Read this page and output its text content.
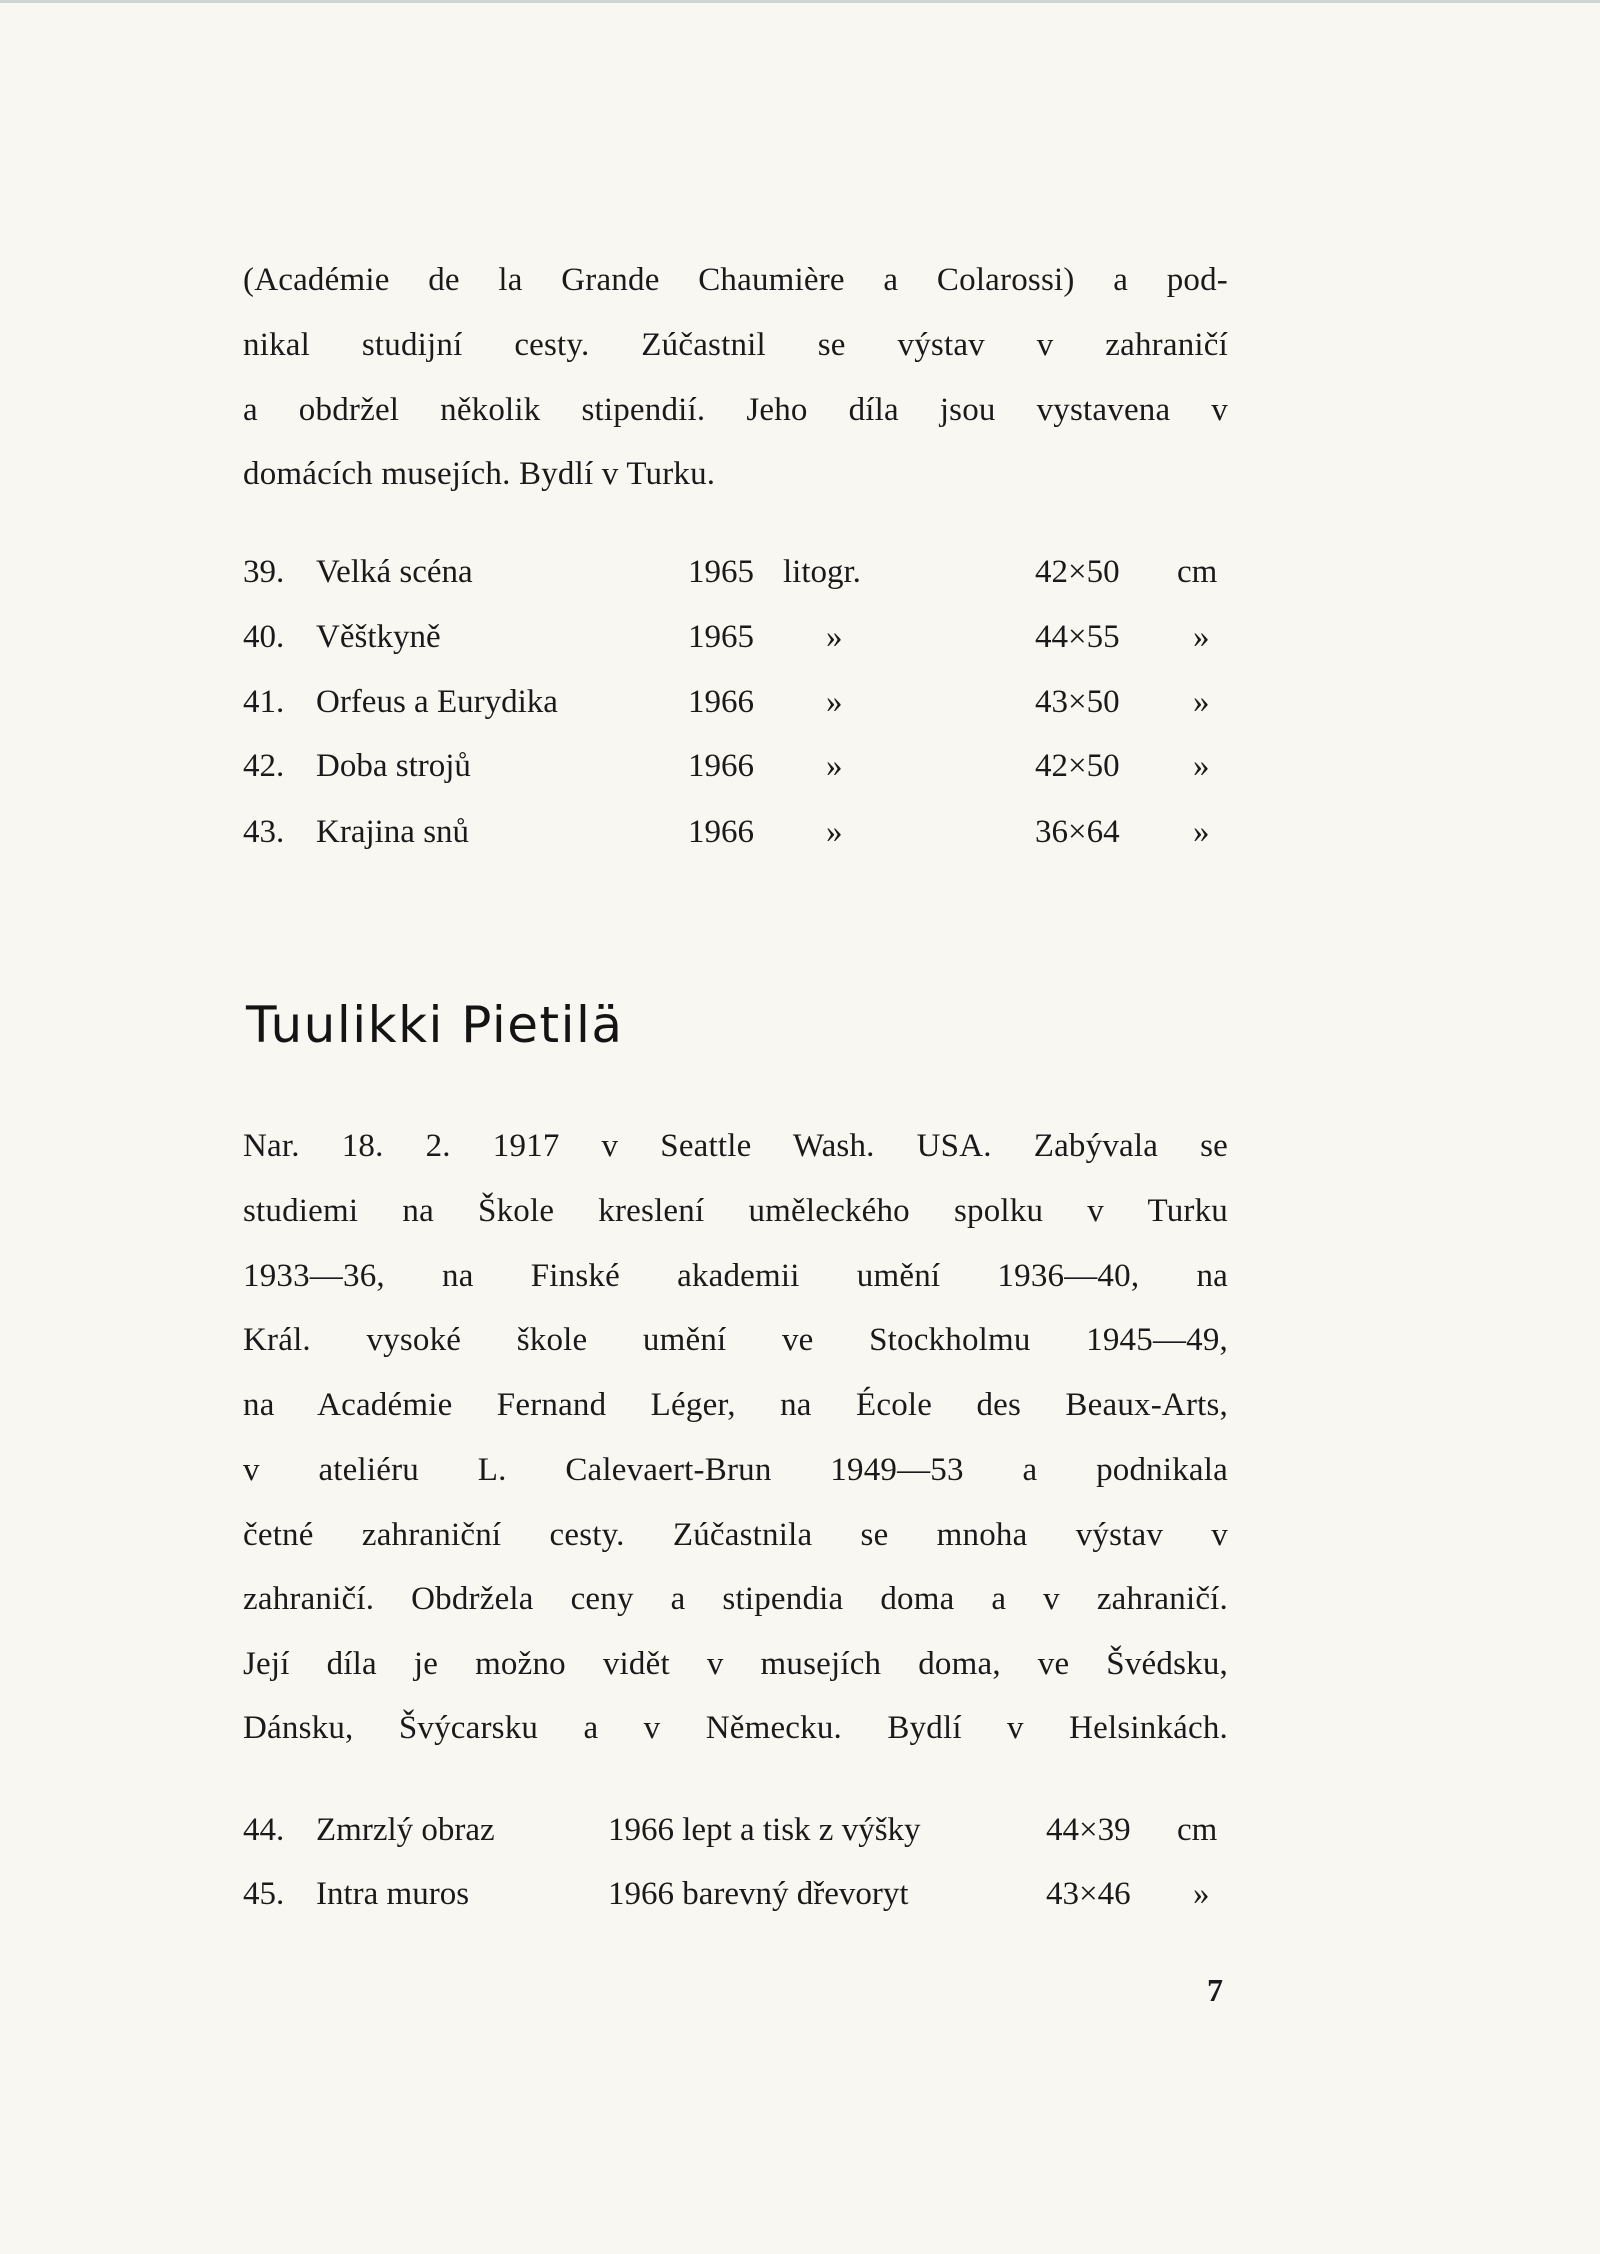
(Académie de la Grande Chaumière a Colarossi) a pod-
nikal studijní cesty. Zúčastnil se výstav v zahraničí
a obdržel několik stipendií. Jeho díla jsou vystavena v
domácích musejích. Bydlí v Turku.
39. Velká scéna	1965 litogr.	42×50 cm
40. Věštkyně	1965 »	44×55 »
41. Orfeus a Eurydika	1966 »	43×50 »
42. Doba strojů	1966 »	42×50 »
43. Krajina snů	1966 »	36×64 »
Tuulikki Pietilä
Nar. 18. 2. 1917 v Seattle Wash. USA. Zabývala se
studiemi na Škole kreslení uměleckého spolku v Turku
1933—36, na Finské akademii umění 1936—40, na
Král. vysoké škole umění ve Stockholmu 1945—49,
na Académie Fernand Léger, na École des Beaux-Arts,
v ateliéru L. Calevaert-Brun 1949—53 a podnikala
četné zahraniční cesty. Zúčastnila se mnoha výstav v
zahraničí. Obdržela ceny a stipendia doma a v zahraničí.
Její díla je možno vidět v musejích doma, ve Švédsku,
Dánsku, Švýcarsku a v Německu. Bydlí v Helsinkách.
44. Zmrzlý obraz	1966 lept a tisk z výšky	44×39 cm
45. Intra muros	1966 barevný dřevoryt	43×46 »
7
